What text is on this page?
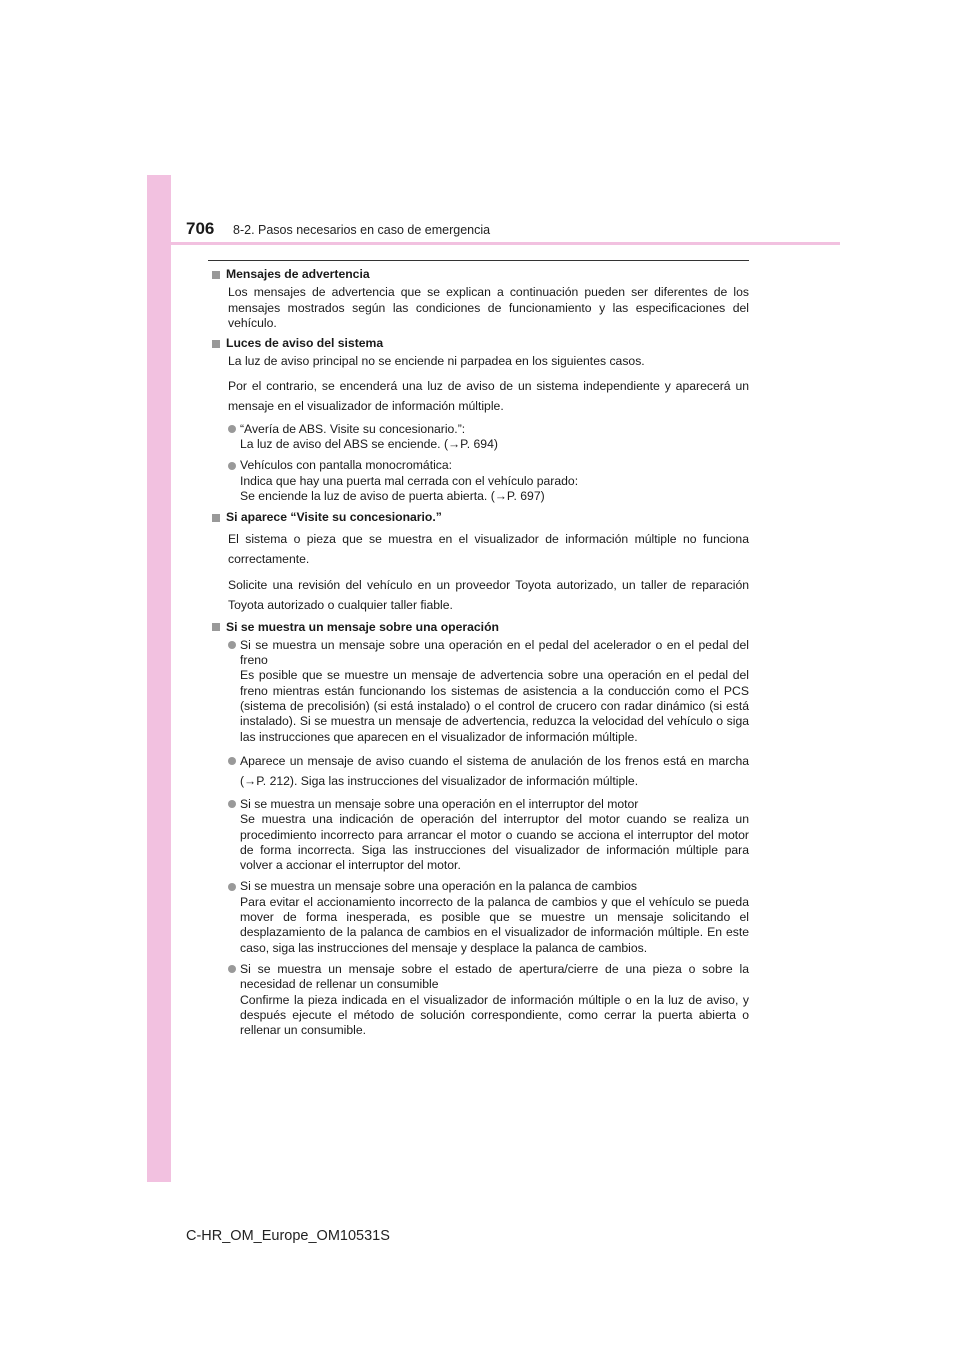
706 8-2. Pasos necesarios en caso de emergencia
Mensajes de advertencia
Los mensajes de advertencia que se explican a continuación pueden ser diferentes de los mensajes mostrados según las condiciones de funcionamiento y las especificaciones del vehículo.
Luces de aviso del sistema
La luz de aviso principal no se enciende ni parpadea en los siguientes casos.
Por el contrario, se encenderá una luz de aviso de un sistema independiente y aparecerá un mensaje en el visualizador de información múltiple.
“Avería de ABS. Visite su concesionario.”:
La luz de aviso del ABS se enciende. (→P. 694)
Vehículos con pantalla monocromática:
Indica que hay una puerta mal cerrada con el vehículo parado:
Se enciende la luz de aviso de puerta abierta. (→P. 697)
Si aparece “Visite su concesionario.”
El sistema o pieza que se muestra en el visualizador de información múltiple no funciona correctamente.
Solicite una revisión del vehículo en un proveedor Toyota autorizado, un taller de reparación Toyota autorizado o cualquier taller fiable.
Si se muestra un mensaje sobre una operación
Si se muestra un mensaje sobre una operación en el pedal del acelerador o en el pedal del freno
Es posible que se muestre un mensaje de advertencia sobre una operación en el pedal del freno mientras están funcionando los sistemas de asistencia a la conducción como el PCS (sistema de precolisión) (si está instalado) o el control de crucero con radar dinámico (si está instalado). Si se muestra un mensaje de advertencia, reduzca la velocidad del vehículo o siga las instrucciones que aparecen en el visualizador de información múltiple.
Aparece un mensaje de aviso cuando el sistema de anulación de los frenos está en marcha (→P. 212). Siga las instrucciones del visualizador de información múltiple.
Si se muestra un mensaje sobre una operación en el interruptor del motor
Se muestra una indicación de operación del interruptor del motor cuando se realiza un procedimiento incorrecto para arrancar el motor o cuando se acciona el interruptor del motor de forma incorrecta. Siga las instrucciones del visualizador de información múltiple para volver a accionar el interruptor del motor.
Si se muestra un mensaje sobre una operación en la palanca de cambios
Para evitar el accionamiento incorrecto de la palanca de cambios y que el vehículo se pueda mover de forma inesperada, es posible que se muestre un mensaje solicitando el desplazamiento de la palanca de cambios en el visualizador de información múltiple. En este caso, siga las instrucciones del mensaje y desplace la palanca de cambios.
Si se muestra un mensaje sobre el estado de apertura/cierre de una pieza o sobre la necesidad de rellenar un consumible
Confirme la pieza indicada en el visualizador de información múltiple o en la luz de aviso, y después ejecute el método de solución correspondiente, como cerrar la puerta abierta o rellenar un consumible.
C-HR_OM_Europe_OM10531S
